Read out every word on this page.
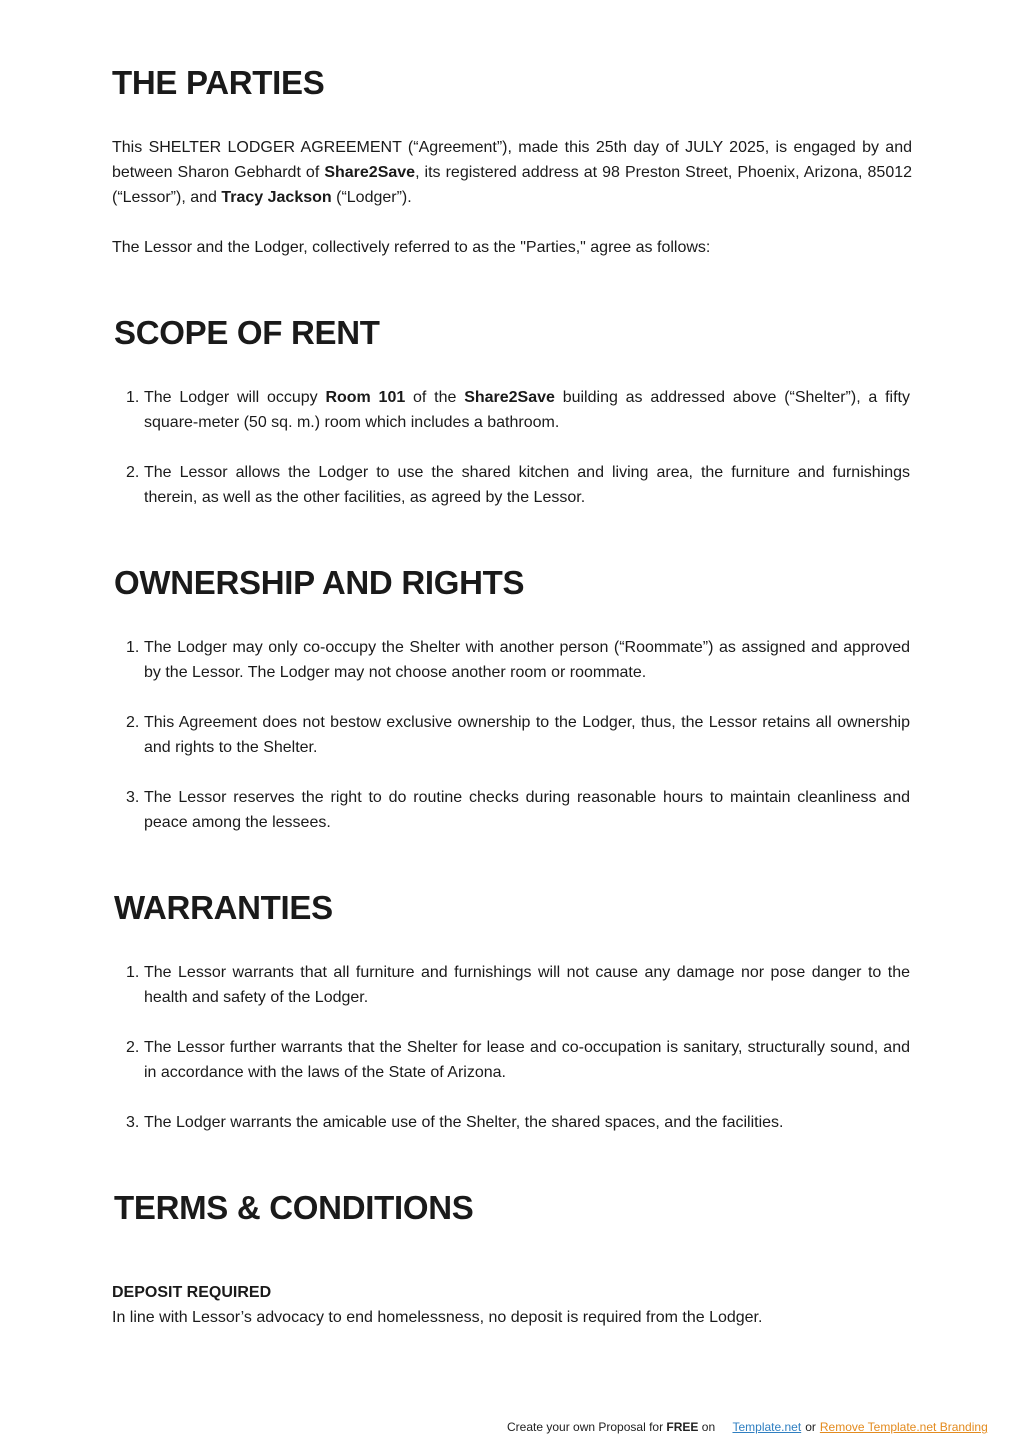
THE PARTIES

This SHELTER LODGER AGREEMENT (“Agreement”), made this 25th day of JULY 2025, is engaged by and between Sharon Gebhardt of Share2Save, its registered address at 98 Preston Street, Phoenix, Arizona, 85012 (“Lessor”), and Tracy Jackson (“Lodger”).

The Lessor and the Lodger, collectively referred to as the "Parties," agree as follows:

SCOPE OF RENT
1. The Lodger will occupy Room 101 of the Share2Save building as addressed above (“Shelter”), a fifty square-meter (50 sq. m.) room which includes a bathroom.
2. The Lessor allows the Lodger to use the shared kitchen and living area, the furniture and furnishings therein, as well as the other facilities, as agreed by the Lessor.
OWNERSHIP AND RIGHTS
1. The Lodger may only co-occupy the Shelter with another person (“Roommate”) as assigned and approved by the Lessor. The Lodger may not choose another room or roommate.
2. This Agreement does not bestow exclusive ownership to the Lodger, thus, the Lessor retains all ownership and rights to the Shelter.
3. The Lessor reserves the right to do routine checks during reasonable hours to maintain cleanliness and peace among the lessees.
WARRANTIES
1. The Lessor warrants that all furniture and furnishings will not cause any damage nor pose danger to the health and safety of the Lodger.
2. The Lessor further warrants that the Shelter for lease and co-occupation is sanitary, structurally sound, and in accordance with the laws of the State of Arizona.
3. The Lodger warrants the amicable use of the Shelter, the shared spaces, and the facilities.
TERMS & CONDITIONS

DEPOSIT REQUIRED

In line with Lessor’s advocacy to end homelessness, no deposit is required from the Lodger.

Create your own Proposal for FREE on Template.net or Remove Template.net Branding
